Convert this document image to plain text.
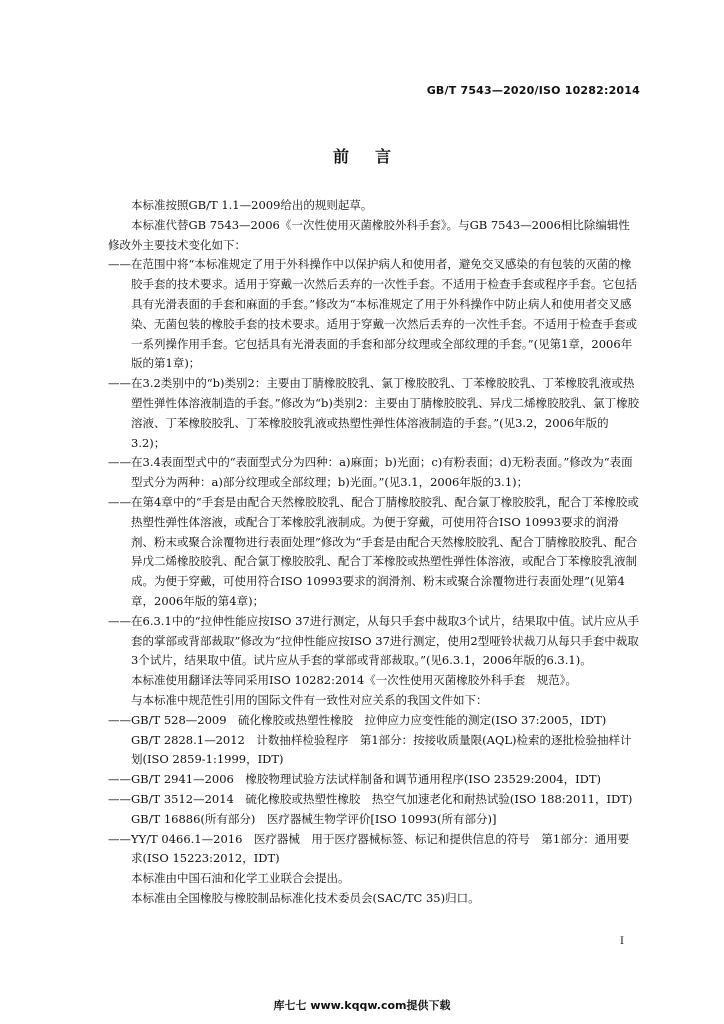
GB/T 7543—2020/ISO 10282:2014
前言

本标准按照GB/T 1.1—2009给出的规则起草。

本标准代替GB 7543—2006《一次性使用灭菌橡胶外科手套》。与GB 7543—2006相比除编辑性修改外主要技术变化如下：

——在范围中将“本标准规定了用于外科操作中以保护病人和使用者，避免交叉感染的有包装的灭菌的橡胶手套的技术要求。适用于穿戴一次然后丢弃的一次性手套。不适用于检查手套或程序手套。它包括具有光滑表面的手套和麻面的手套。”修改为“本标准规定了用于外科操作中防止病人和使用者交叉感染、无菌包装的橡胶手套的技术要求。适用于穿戴一次然后丢弃的一次性手套。不适用于检查手套或一系列操作用手套。它包括具有光滑表面的手套和部分纹理或全部纹理的手套。”(见第1章，2006年版的第1章)；

——在3.2类别中的“b)类别2：主要由丁腈橡胶胶乳、氯丁橡胶胶乳、丁苯橡胶胶乳、丁苯橡胶乳液或热塑性弹性体溶液制造的手套。”修改为“b)类别2：主要由丁腈橡胶胶乳、异戊二烯橡胶胶乳、氯丁橡胶溶液、丁苯橡胶胶乳、丁苯橡胶胶乳液或热塑性弹性体溶液制造的手套。”(见3.2，2006年版的3.2)；

——在3.4表面型式中的“表面型式分为四种：a)麻面；b)光面；c)有粉表面；d)无粉表面。”修改为“表面型式分为两种：a)部分纹理或全部纹理；b)光面。”(见3.1，2006年版的3.1)；

——在第4章中的“手套是由配合天然橡胶胶乳、配合丁腈橡胶胶乳、配合氯丁橡胶胶乳，配合丁苯橡胶或热塑性弹性体溶液，或配合丁苯橡胶乳液制成。为便于穿戴，可使用符合ISO 10993要求的润滑剂、粉末或聚合涂覆物进行表面处理”修改为“手套是由配合天然橡胶胶乳、配合丁腈橡胶胶乳、配合异戊二烯橡胶胶乳、配合氯丁橡胶胶乳、配合丁苯橡胶或热塑性弹性体溶液，或配合丁苯橡胶乳液制成。为便于穿戴，可使用符合ISO 10993要求的润滑剂、粉末或聚合涂覆物进行表面处理”(见第4章，2006年版的第4章)；

——在6.3.1中的“拉伸性能应按ISO 37进行测定，从每只手套中裁取3个试片，结果取中值。试片应从手套的掌部或背部裁取”修改为“拉伸性能应按ISO 37进行测定，使用2型哑铃状裁刀从每只手套中裁取3个试片，结果取中值。试片应从手套的掌部或背部裁取。”(见6.3.1，2006年版的6.3.1)。

本标准使用翻译法等同采用ISO 10282:2014《一次性使用灭菌橡胶外科手套　规范》。

与本标准中规范性引用的国际文件有一致性对应关系的我国文件如下：

——GB/T 528—2009　硫化橡胶或热塑性橡胶　拉伸应力应变性能的测定(ISO 37:2005，IDT)

GB/T 2828.1—2012　计数抽样检验程序　第1部分：按接收质量限(AQL)检索的逐批检验抽样计划(ISO 2859-1:1999，IDT)

——GB/T 2941—2006　橡胶物理试验方法试样制备和调节通用程序(ISO 23529:2004，IDT)

——GB/T 3512—2014　硫化橡胶或热塑性橡胶　热空气加速老化和耐热试验(ISO 188:2011，IDT)

GB/T 16886(所有部分)　医疗器械生物学评价[ISO 10993(所有部分)]

——YY/T 0466.1—2016　医疗器械　用于医疗器械标签、标记和提供信息的符号　第1部分：通用要求(ISO 15223:2012，IDT)

本标准由中国石油和化学工业联合会提出。

本标准由全国橡胶与橡胶制品标准化技术委员会(SAC/TC 35)归口。

I
库七七 www.kqqw.com提供下载
